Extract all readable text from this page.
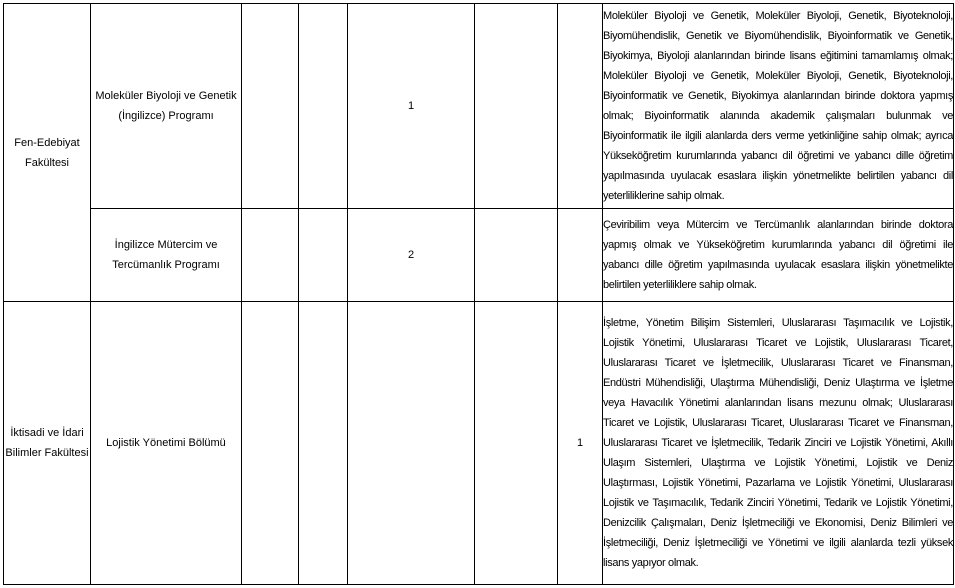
Fen-Edebiyat Fakültesi	Moleküler Biyoloji ve Genetik (İngilizce) Programı			1			Moleküler Biyoloji ve Genetik, Moleküler Biyoloji, Genetik, Biyoteknoloji, Biyomühendislik, Genetik ve Biyomühendislik, Biyoinformatik ve Genetik, Biyokimya, Biyoloji alanlarından birinde lisans eğitimini tamamlamış olmak; Moleküler Biyoloji ve Genetik, Moleküler Biyoloji, Genetik, Biyoteknoloji, Biyoinformatik ve Genetik, Biyokimya alanlarından birinde doktora yapmış olmak; Biyoinformatik alanında akademik çalışmaları bulunmak ve Biyoinformatik ile ilgili alanlarda ders verme yetkinliğine sahip olmak; ayrıca Yükseköğretim kurumlarında yabancı dil öğretimi ve yabancı dille öğretim yapılmasında uyulacak esaslara ilişkin yönetmelikte belirtilen yabancı dil yeterliliklerine sahip olmak.
	İngilizce Mütercim ve Tercümanlık Programı			2			Çeviribilim veya Mütercim ve Tercümanlık alanlarından birinde doktora yapmış olmak ve Yükseköğretim kurumlarında yabancı dil öğretimi ile yabancı dille öğretim yapılmasında uyulacak esaslara ilişkin yönetmelikte belirtilen yeterliliklere sahip olmak.
İktisadi ve İdari Bilimler Fakültesi	Lojistik Yönetimi Bölümü					1	İşletme, Yönetim Bilişim Sistemleri, Uluslararası Taşımacılık ve Lojistik, Lojistik Yönetimi, Uluslararası Ticaret ve Lojistik, Uluslararası Ticaret, Uluslararası Ticaret ve İşletmecilik, Uluslararası Ticaret ve Finansman, Endüstri Mühendisliği, Ulaştırma Mühendisliği, Deniz Ulaştırma ve İşletme veya Havacılık Yönetimi alanlarından lisans mezunu olmak; Uluslararası Ticaret ve Lojistik, Uluslararası Ticaret, Uluslararası Ticaret ve Finansman, Uluslararası Ticaret ve İşletmecilik, Tedarik Zinciri ve Lojistik Yönetimi, Akıllı Ulaşım Sistemleri, Ulaştırma ve Lojistik Yönetimi, Lojistik ve Deniz Ulaştırması, Lojistik Yönetimi, Pazarlama ve Lojistik Yönetimi, Uluslararası Lojistik ve Taşımacılık, Tedarik Zinciri Yönetimi, Tedarik ve Lojistik Yönetimi, Denizcilik Çalışmaları, Deniz İşletmeciliği ve Ekonomisi, Deniz Bilimleri ve İşletmeciliği, Deniz İşletmeciliği ve Yönetimi ve ilgili alanlarda tezli yüksek lisans yapıyor olmak.
